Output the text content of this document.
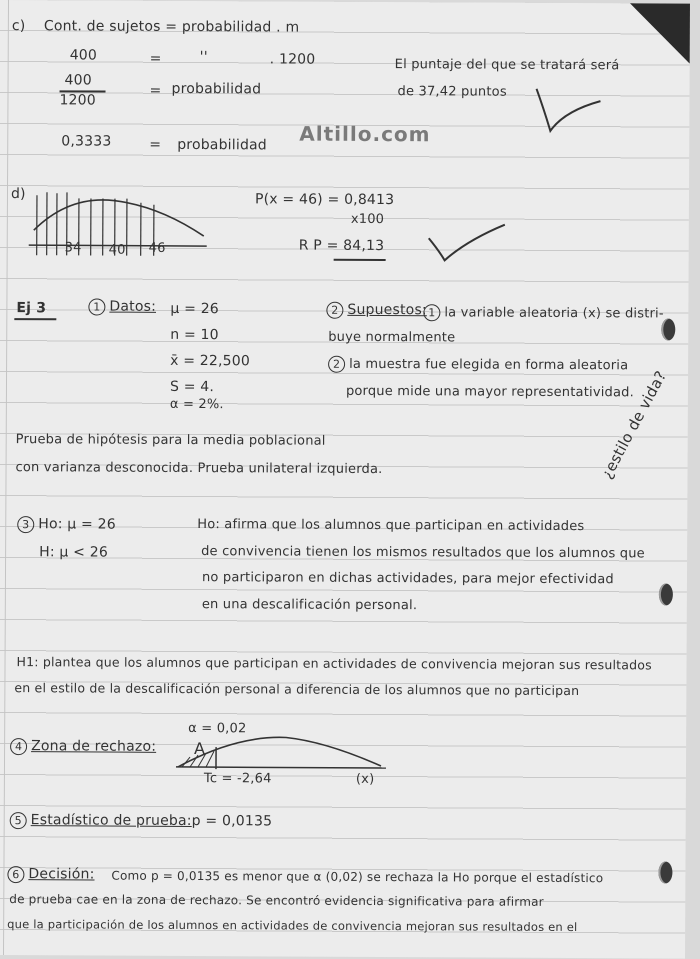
c) Cont. de sujetos = probabilidad . m
400	=	''	. 1200
400
1200
= probabilidad
0,3333	= probabilidad Altillo.com
El puntaje del que se tratará será
de 37,42 puntos
d)
34 40 46
P(x = 46) = 0,8413
x100
R P = 84,13
Ej 3	1 Datos: μ = 26
n = 10
x̄ = 22,500
S = 4.
α = 2%.
2 Supuestos: 1 la variable aleatoria (x) se distri-
buye normalmente
2 la muestra fue elegida en forma aleatoria
porque mide una mayor representatividad.
Prueba de hipótesis para la media poblacional
con varianza desconocida. Prueba unilateral izquierda.
3 Ho: μ = 26
H: μ < 26
Ho: afirma que los alumnos que participan en actividades
de convivencia tienen los mismos resultados que los alumnos que
no participaron en dichas actividades, para mejor efectividad
en una descalificación personal.
¿estilo de vida?
H1: plantea que los alumnos que participan en actividades de convivencia mejoran sus resultados
en el estilo de la descalificación personal a diferencia de los alumnos que no participan
4 Zona de rechazo:
α = 0,02
A
Tc = -2,64	(x)
5 Estadístico de prueba: p = 0,0135
6 Decisión: Como p = 0,0135 es menor que α (0,02) se rechaza la Ho porque el estadístico
de prueba cae en la zona de rechazo. Se encontró evidencia significativa para afirmar
que la participación de los alumnos en actividades de convivencia mejoran sus resultados en el
